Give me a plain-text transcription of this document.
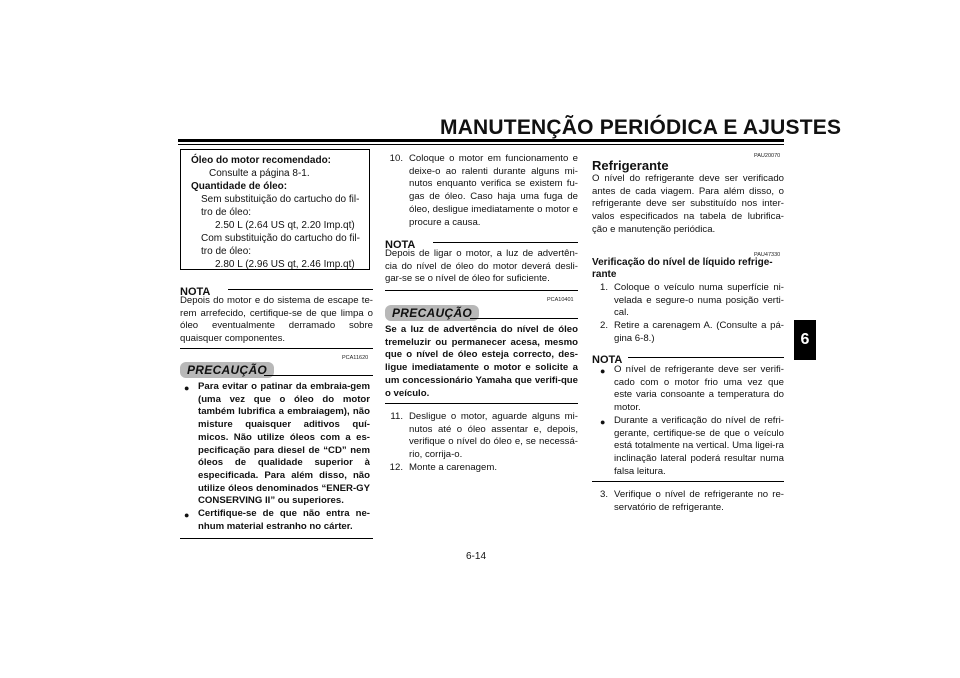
MANUTENÇÃO PERIÓDICA E AJUSTES
6
Óleo do motor recomendado:
Consulte a página 8-1.
Quantidade de óleo:
Sem substituição do cartucho do fil-
tro de óleo:
2.50 L (2.64 US qt, 2.20 Imp.qt)
Com substituição do cartucho do fil-
tro de óleo:
2.80 L (2.96 US qt, 2.46 Imp.qt)
NOTA
Depois do motor e do sistema de escape te-
rem arrefecido, certifique-se de que limpa o
óleo eventualmente derramado sobre
quaisquer componentes.
PCA11620
PRECAUÇÃO
● Para evitar o patinar da embraia-gem (uma vez que o óleo do motor também lubrifica a embraiagem), não misture quaisquer aditivos quí-micos. Não utilize óleos com a es-pecificação para diesel de “CD” nem óleos de qualidade superior à especificada. Para além disso, não utilize óleos denominados “ENER-GY CONSERVING II” ou superiores.
● Certifique-se de que não entra ne-nhum material estranho no cárter.
10. Coloque o motor em funcionamento e deixe-o ao ralenti durante alguns mi-nutos enquanto verifica se existem fu-gas de óleo. Caso haja uma fuga de óleo, desligue imediatamente o motor e procure a causa.
NOTA
Depois de ligar o motor, a luz de advertên-cia do nível de óleo do motor deverá desli-gar-se se o nível de óleo for suficiente.
PCA10401
PRECAUÇÃO
Se a luz de advertência do nível de óleo tremeluzir ou permanecer acesa, mesmo que o nível de óleo esteja correcto, des-ligue imediatamente o motor e solicite a um concessionário Yamaha que verifi-que o veículo.
11. Desligue o motor, aguarde alguns mi-nutos até o óleo assentar e, depois, verifique o nível do óleo e, se necessá-rio, corrija-o.
12. Monte a carenagem.
PAU20070
Refrigerante
O nível do refrigerante deve ser verificado antes de cada viagem. Para além disso, o refrigerante deve ser substituído nos inter-valos especificados na tabela de lubrifica-ção e manutenção periódica.
PAU47330
Verificação do nível de líquido refrige-rante
1. Coloque o veículo numa superfície ni-velada e segure-o numa posição verti-cal.
2. Retire a carenagem A. (Consulte a pá-gina 6-8.)
NOTA
● O nível de refrigerante deve ser verifi-cado com o motor frio uma vez que este varia consoante a temperatura do motor.
● Durante a verificação do nível de refri-gerante, certifique-se de que o veículo está totalmente na vertical. Uma ligei-ra inclinação lateral poderá resultar numa falsa leitura.
3. Verifique o nível de refrigerante no re-servatório de refrigerante.
6-14
